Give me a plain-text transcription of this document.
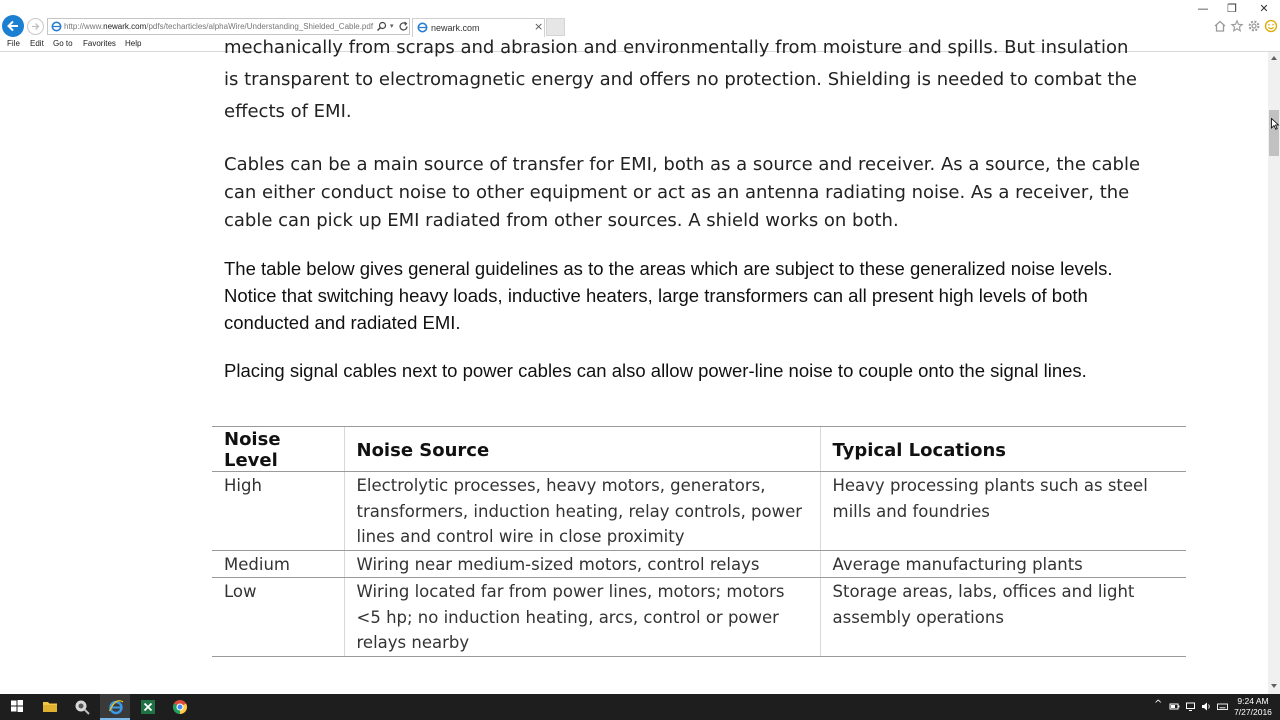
http://www.newark.com/pdfs/techarticles/alphaWire/Understanding_Shielded_Cable.pdf ▾	newark.com	×
—	❐	✕
File Edit Go to Favorites Help	mechanically from scraps and abrasion and environmentally from moisture and spills. But insulation is transparent to electromagnetic energy and offers no protection. Shielding is needed to combat the effects of EMI.

Cables can be a main source of transfer for EMI, both as a source and receiver. As a source, the cable can either conduct noise to other equipment or act as an antenna radiating noise. As a receiver, the cable can pick up EMI radiated from other sources. A shield works on both.

The table below gives general guidelines as to the areas which are subject to these generalized noise levels. Notice that switching heavy loads, inductive heaters, large transformers can all present high levels of both conducted and radiated EMI.

Placing signal cables next to power cables can also allow power-line noise to couple onto the signal lines.

Noise Level	Noise Source	Typical Locations
High	Electrolytic processes, heavy motors, generators, transformers, induction heating, relay controls, power lines and control wire in close proximity	Heavy processing plants such as steel mills and foundries
Medium	Wiring near medium-sized motors, control relays	Average manufacturing plants
Low	Wiring located far from power lines, motors; motors <5 hp; no induction heating, arcs, control or power relays nearby	Storage areas, labs, offices and light assembly operations
^	9:24 AM
7/27/2016
